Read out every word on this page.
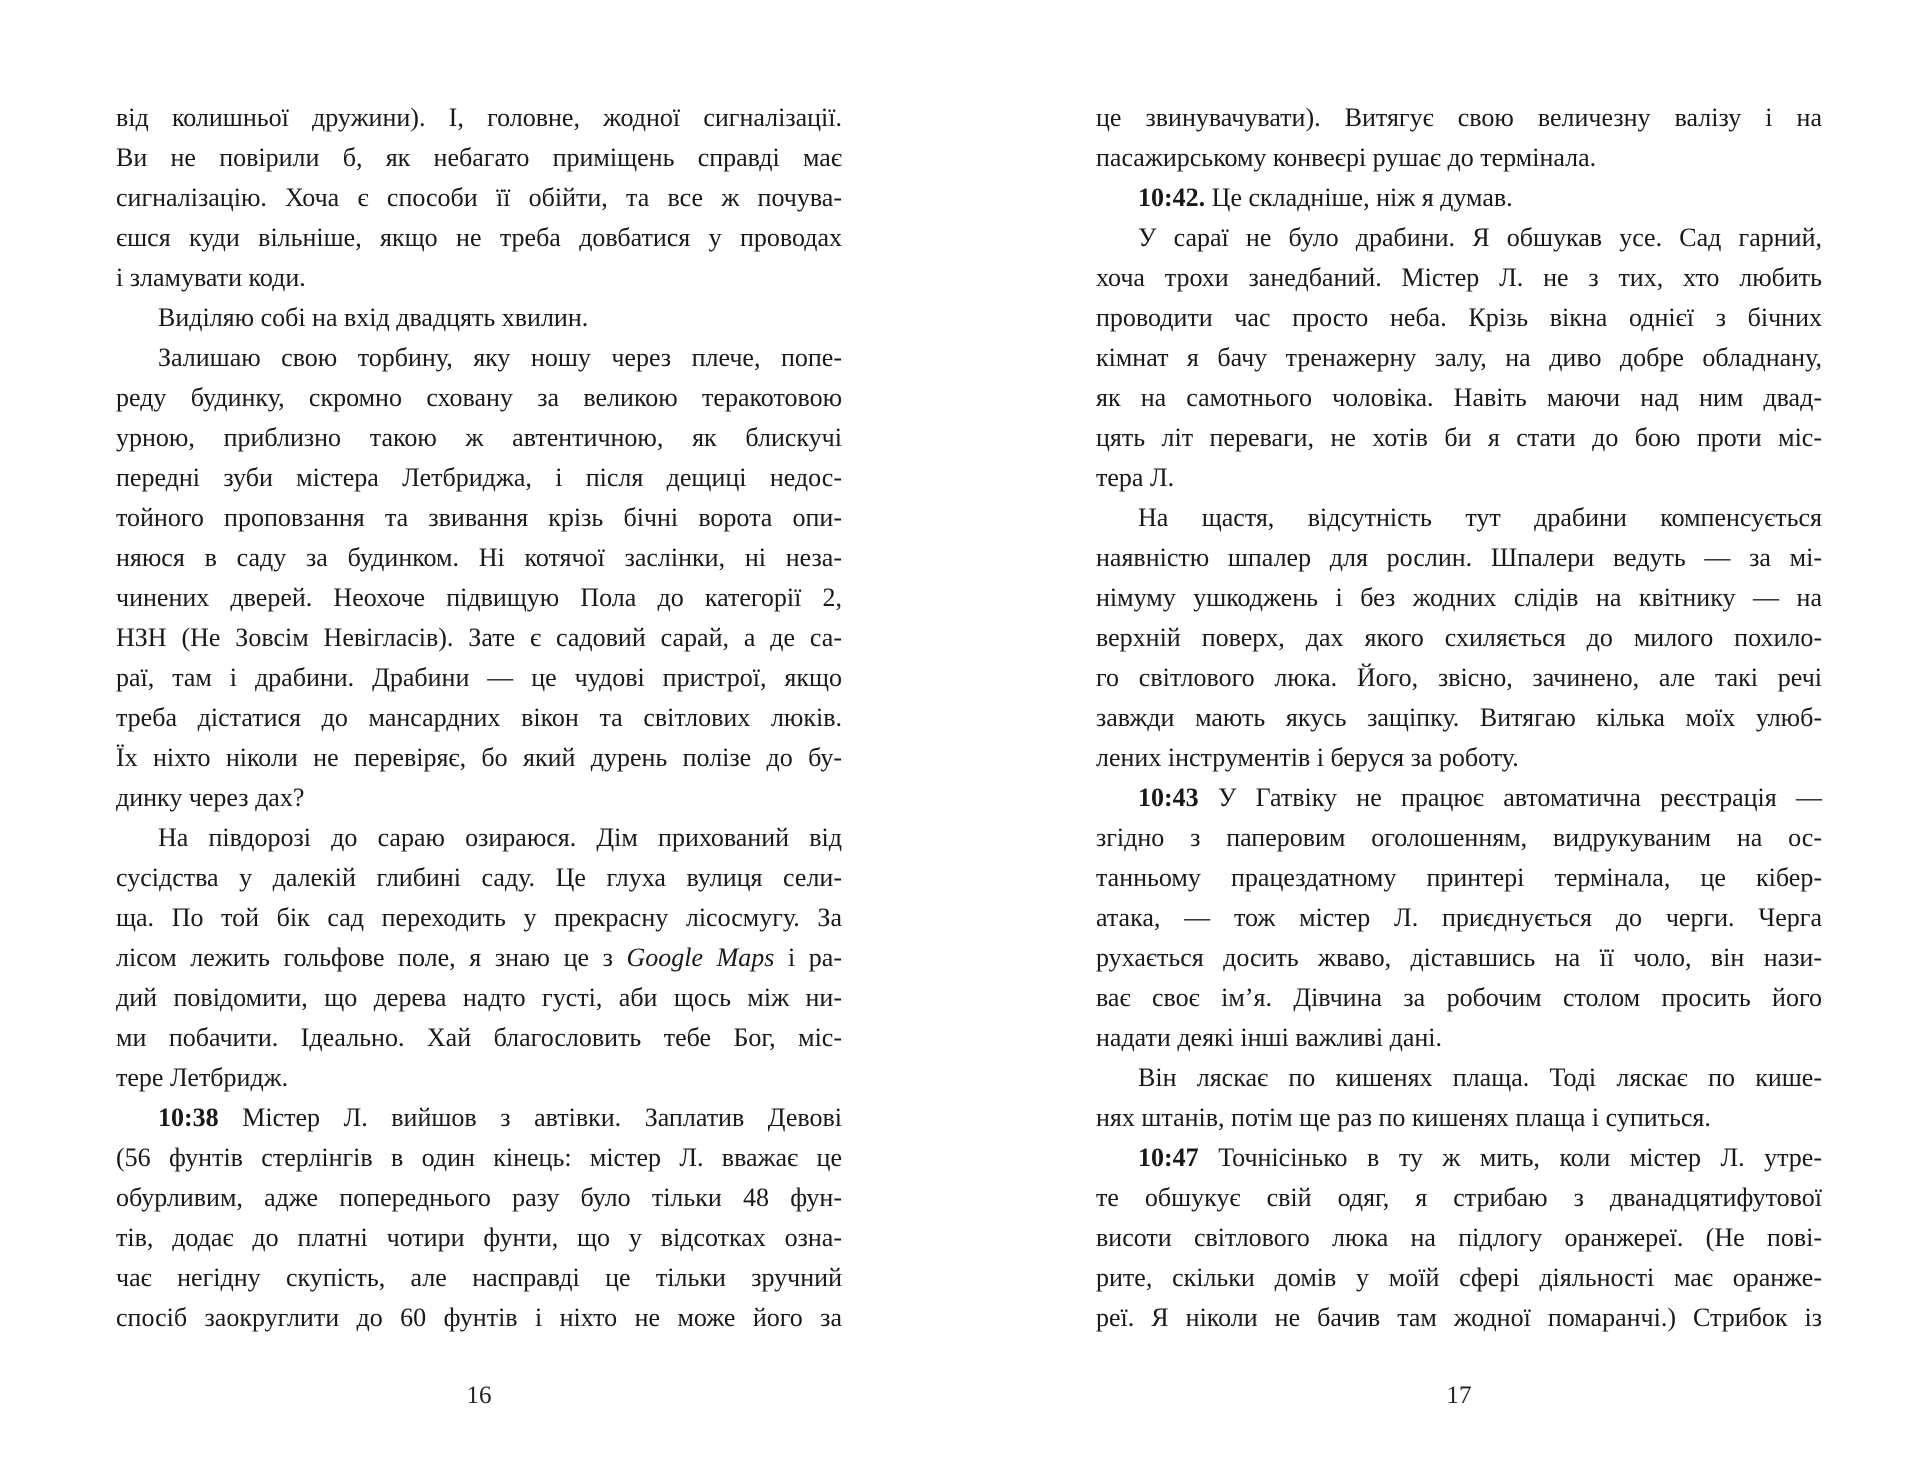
від колишньої дружини). І, головне, жодної сигналізації.
Ви не повірили б, як небагато приміщень справді має
сигналізацію. Хоча є способи її обійти, та все ж почува-
єшся куди вільніше, якщо не треба довбатися у проводах
і зламувати коди.
Виділяю собі на вхід двадцять хвилин.
Залишаю свою торбину, яку ношу через плече, попе-
реду будинку, скромно сховану за великою теракотовою
урною, приблизно такою ж автентичною, як блискучі
передні зуби містера Летбриджа, і після дещиці недос-
тойного проповзання та звивання крізь бічні ворота опи-
няюся в саду за будинком. Ні котячої заслінки, ні неза-
чинених дверей. Неохоче підвищую Пола до категорії 2,
НЗН (Не Зовсім Невігласів). Зате є садовий сарай, а де са-
раї, там і драбини. Драбини — це чудові пристрої, якщо
треба дістатися до мансардних вікон та світлових люків.
Їх ніхто ніколи не перевіряє, бо який дурень полізе до бу-
динку через дах?
На півдорозі до сараю озираюся. Дім прихований від
сусідства у далекій глибині саду. Це глуха вулиця сели-
ща. По той бік сад переходить у прекрасну лісосмугу. За
лісом лежить гольфове поле, я знаю це з Google Maps і ра-
дий повідомити, що дерева надто густі, аби щось між ни-
ми побачити. Ідеально. Хай благословить тебе Бог, міс-
тере Летбридж.
10:38 Містер Л. вийшов з автівки. Заплатив Девові
(56 фунтів стерлінгів в один кінець: містер Л. вважає це
обурливим, адже попереднього разу було тільки 48 фун-
тів, додає до платні чотири фунти, що у відсотках озна-
чає негідну скупість, але насправді це тільки зручний
спосіб заокруглити до 60 фунтів і ніхто не може його за
16
це звинувачувати). Витягує свою величезну валізу і на
пасажирському конвеєрі рушає до термінала.
10:42. Це складніше, ніж я думав.
У сараї не було драбини. Я обшукав усе. Сад гарний,
хоча трохи занедбаний. Містер Л. не з тих, хто любить
проводити час просто неба. Крізь вікна однієї з бічних
кімнат я бачу тренажерну залу, на диво добре обладнану,
як на самотнього чоловіка. Навіть маючи над ним двад-
цять літ переваги, не хотів би я стати до бою проти міс-
тера Л.
На щастя, відсутність тут драбини компенсується
наявністю шпалер для рослин. Шпалери ведуть — за мі-
німуму ушкоджень і без жодних слідів на квітнику — на
верхній поверх, дах якого схиляється до милого похило-
го світлового люка. Його, звісно, зачинено, але такі речі
завжди мають якусь защіпку. Витягаю кілька моїх улюб-
лених інструментів і беруся за роботу.
10:43 У Гатвіку не працює автоматична реєстрація —
згідно з паперовим оголошенням, видрукуваним на ос-
танньому працездатному принтері термінала, це кібер-
атака, — тож містер Л. приєднується до черги. Черга
рухається досить жваво, діставшись на її чоло, він нази-
ває своє ім’я. Дівчина за робочим столом просить його
надати деякі інші важливі дані.
Він ляскає по кишенях плаща. Тоді ляскає по кише-
нях штанів, потім ще раз по кишенях плаща і супиться.
10:47 Точнісінько в ту ж мить, коли містер Л. утре-
те обшукує свій одяг, я стрибаю з дванадцятифутової
висоти світлового люка на підлогу оранжереї. (Не пові-
рите, скільки домів у моїй сфері діяльності має оранже-
реї. Я ніколи не бачив там жодної помаранчі.) Стрибок із
17
